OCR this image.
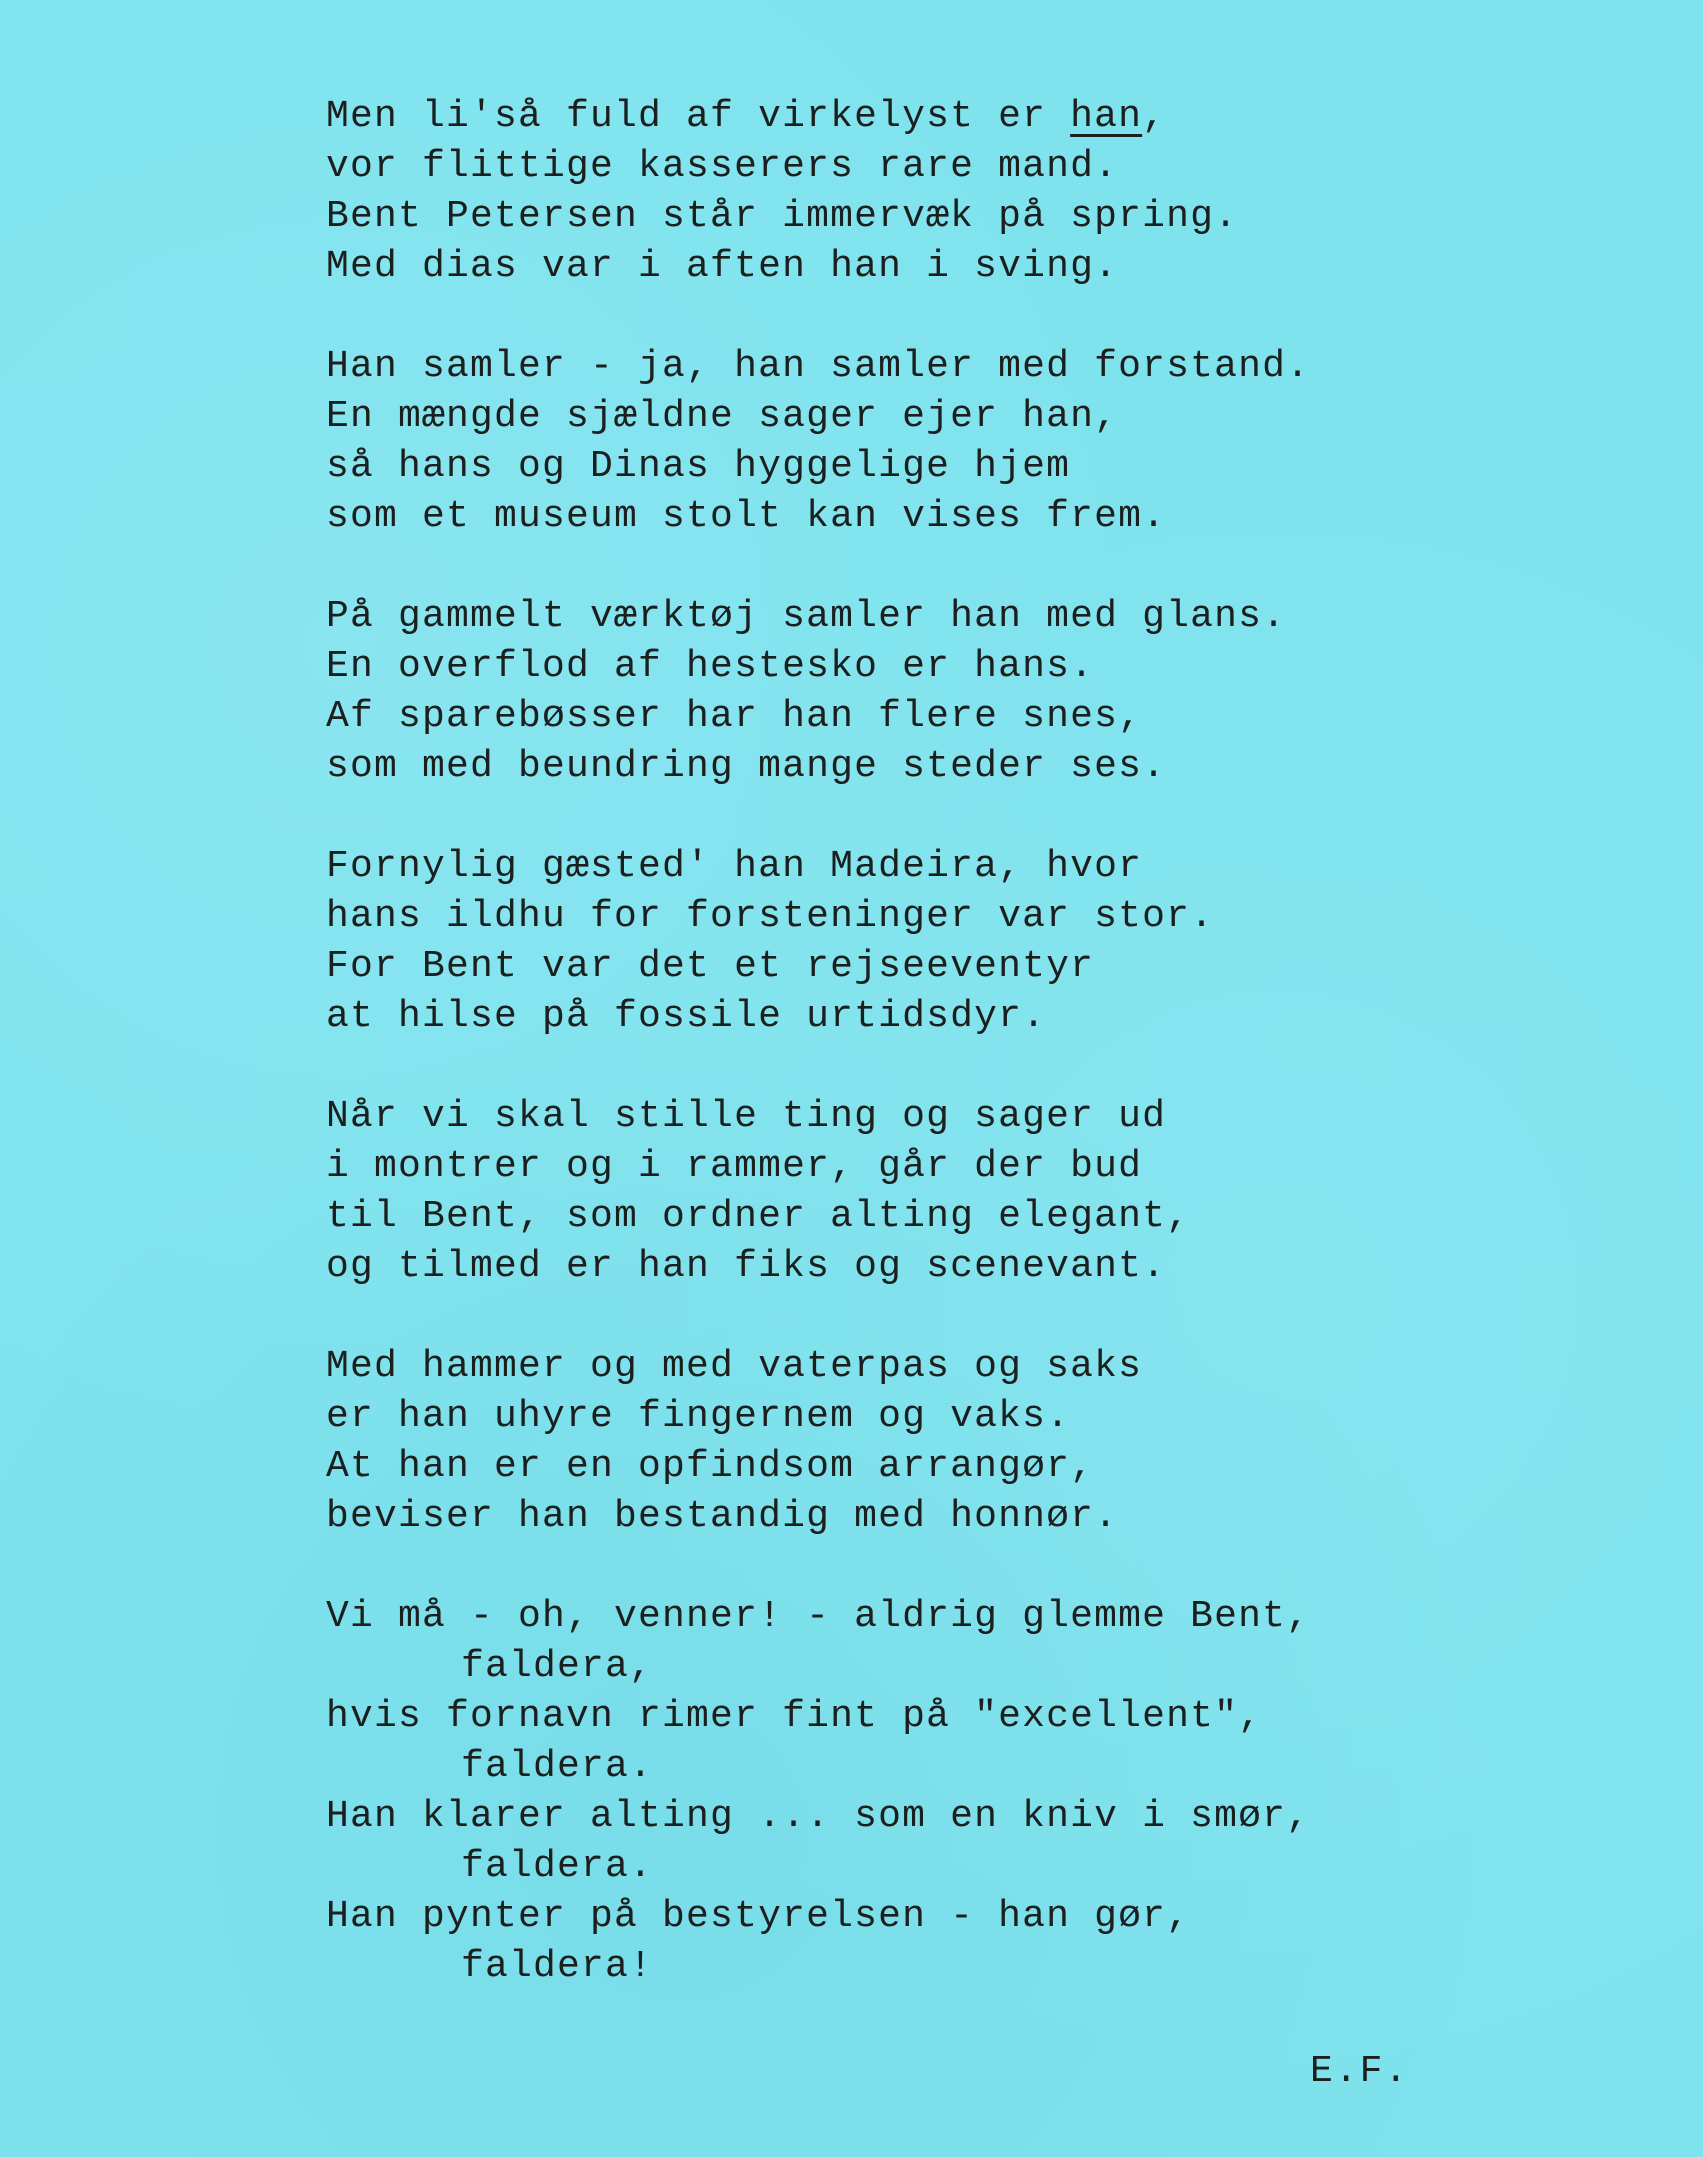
Men li'så fuld af virkelyst er han,
vor flittige kasserers rare mand.
Bent Petersen står immervæk på spring.
Med dias var i aften han i sving.
Han samler - ja, han samler med forstand.
En mængde sjældne sager ejer han,
så hans og Dinas hyggelige hjem
som et museum stolt kan vises frem.
På gammelt værktøj samler han med glans.
En overflod af hestesko er hans.
Af sparebøsser har han flere snes,
som med beundring mange steder ses.
Fornylig gæsted' han Madeira, hvor
hans ildhu for forsteninger var stor.
For Bent var det et rejseeventyr
at hilse på fossile urtidsdyr.
Når vi skal stille ting og sager ud
i montrer og i rammer, går der bud
til Bent, som ordner alting elegant,
og tilmed er han fiks og scenevant.
Med hammer og med vaterpas og saks
er han uhyre fingernem og vaks.
At han er en opfindsom arrangør,
beviser han bestandig med honnør.
Vi må - oh, venner! - aldrig glemme Bent,
faldera,
hvis fornavn rimer fint på "excellent",
faldera.
Han klarer alting ... som en kniv i smør,
faldera.
Han pynter på bestyrelsen - han gør,
faldera!
E.F.
